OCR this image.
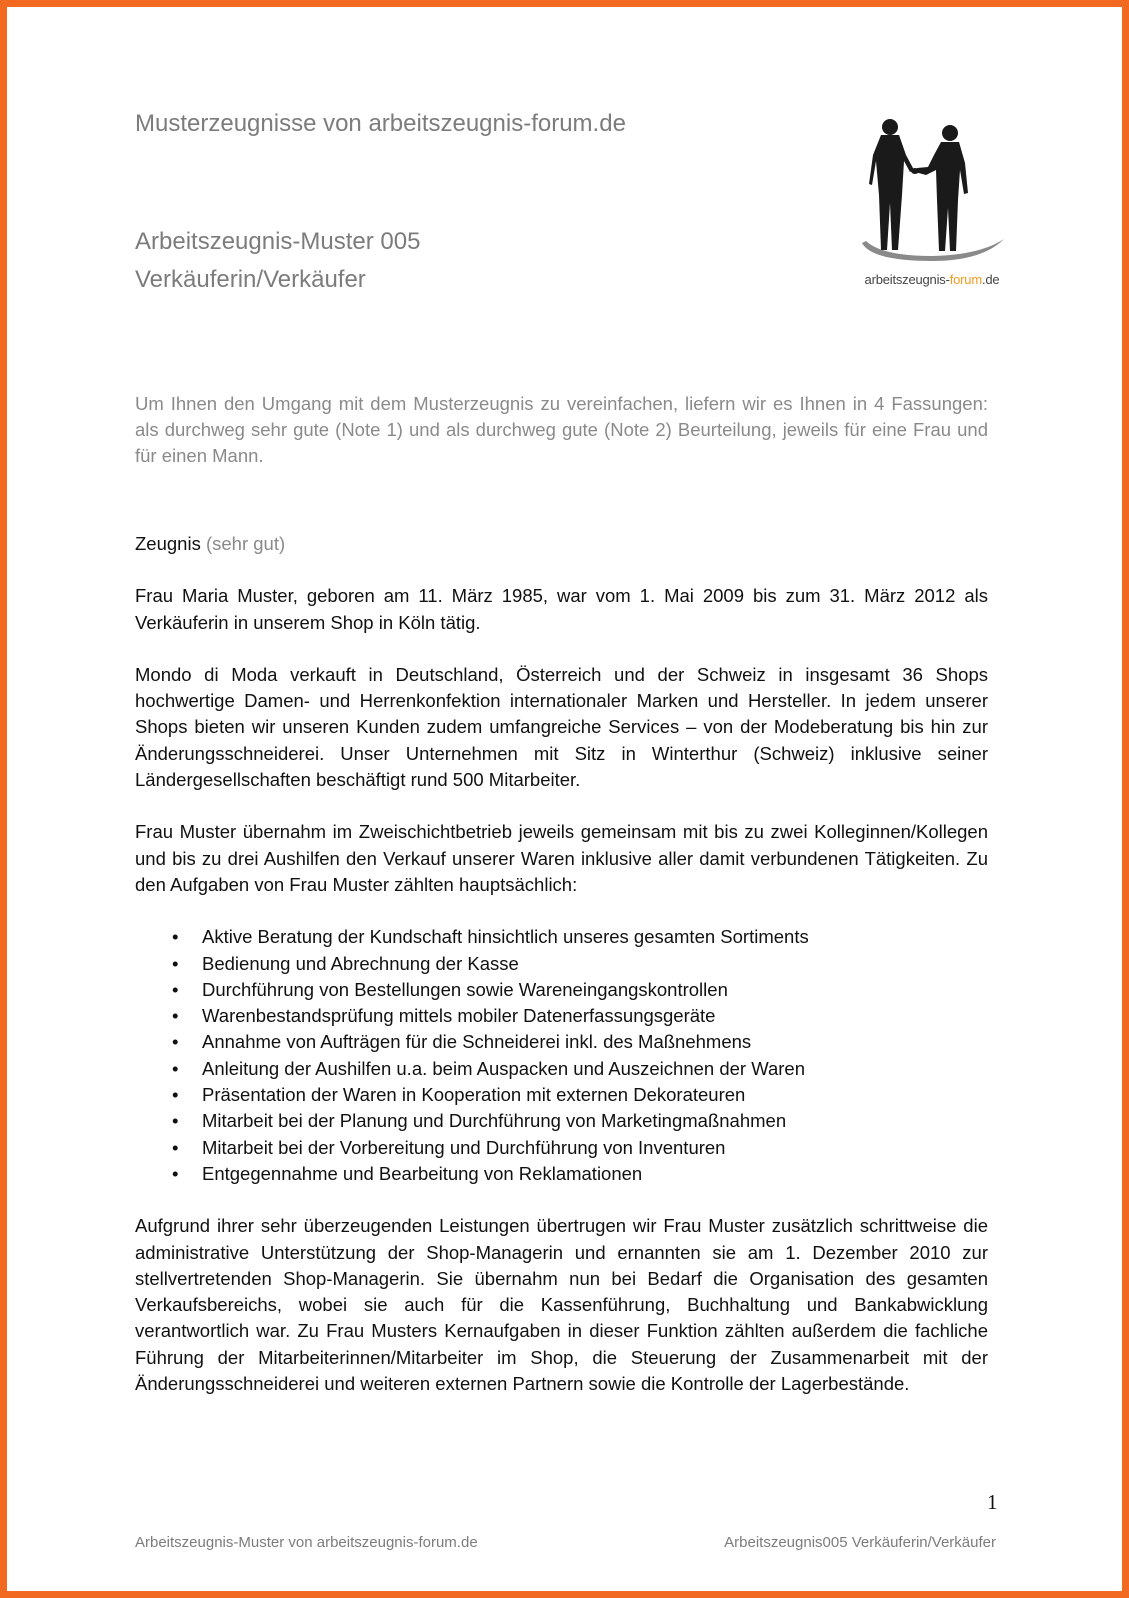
Musterzeugnisse von arbeitszeugnis-forum.de
Arbeitszeugnis-Muster 005
Verkäuferin/Verkäufer	arbeitszeugnis-forum.de

Um Ihnen den Umgang mit dem Musterzeugnis zu vereinfachen, liefern wir es Ihnen in 4 Fassungen: als durchweg sehr gute (Note 1) und als durchweg gute (Note 2) Beurteilung, jeweils für eine Frau und für einen Mann.

Zeugnis (sehr gut)

Frau Maria Muster, geboren am 11. März 1985, war vom 1. Mai 2009 bis zum 31. März 2012 als Verkäuferin in unserem Shop in Köln tätig.

Mondo di Moda verkauft in Deutschland, Österreich und der Schweiz in insgesamt 36 Shops hochwertige Damen- und Herrenkonfektion internationaler Marken und Hersteller. In jedem unserer Shops bieten wir unseren Kunden zudem umfangreiche Services – von der Modeberatung bis hin zur Änderungsschneiderei. Unser Unternehmen mit Sitz in Winterthur (Schweiz) inklusive seiner Ländergesellschaften beschäftigt rund 500 Mitarbeiter.

Frau Muster übernahm im Zweischichtbetrieb jeweils gemeinsam mit bis zu zwei Kolleginnen/Kollegen und bis zu drei Aushilfen den Verkauf unserer Waren inklusive aller damit verbundenen Tätigkeiten. Zu den Aufgaben von Frau Muster zählten hauptsächlich:

• Aktive Beratung der Kundschaft hinsichtlich unseres gesamten Sortiments
• Bedienung und Abrechnung der Kasse
• Durchführung von Bestellungen sowie Wareneingangskontrollen
• Warenbestandsprüfung mittels mobiler Datenerfassungsgeräte
• Annahme von Aufträgen für die Schneiderei inkl. des Maßnehmens
• Anleitung der Aushilfen u.a. beim Auspacken und Auszeichnen der Waren
• Präsentation der Waren in Kooperation mit externen Dekorateuren
• Mitarbeit bei der Planung und Durchführung von Marketingmaßnahmen
• Mitarbeit bei der Vorbereitung und Durchführung von Inventuren
• Entgegennahme und Bearbeitung von Reklamationen

Aufgrund ihrer sehr überzeugenden Leistungen übertrugen wir Frau Muster zusätzlich schrittweise die administrative Unterstützung der Shop-Managerin und ernannten sie am 1. Dezember 2010 zur stellvertretenden Shop-Managerin. Sie übernahm nun bei Bedarf die Organisation des gesamten Verkaufsbereichs, wobei sie auch für die Kassenführung, Buchhaltung und Bankabwicklung verantwortlich war. Zu Frau Musters Kernaufgaben in dieser Funktion zählten außerdem die fachliche Führung der Mitarbeiterinnen/Mitarbeiter im Shop, die Steuerung der Zusammenarbeit mit der Änderungsschneiderei und weiteren externen Partnern sowie die Kontrolle der Lagerbestände.

1
Arbeitszeugnis-Muster von arbeitszeugnis-forum.de	Arbeitszeugnis005 Verkäuferin/Verkäufer
